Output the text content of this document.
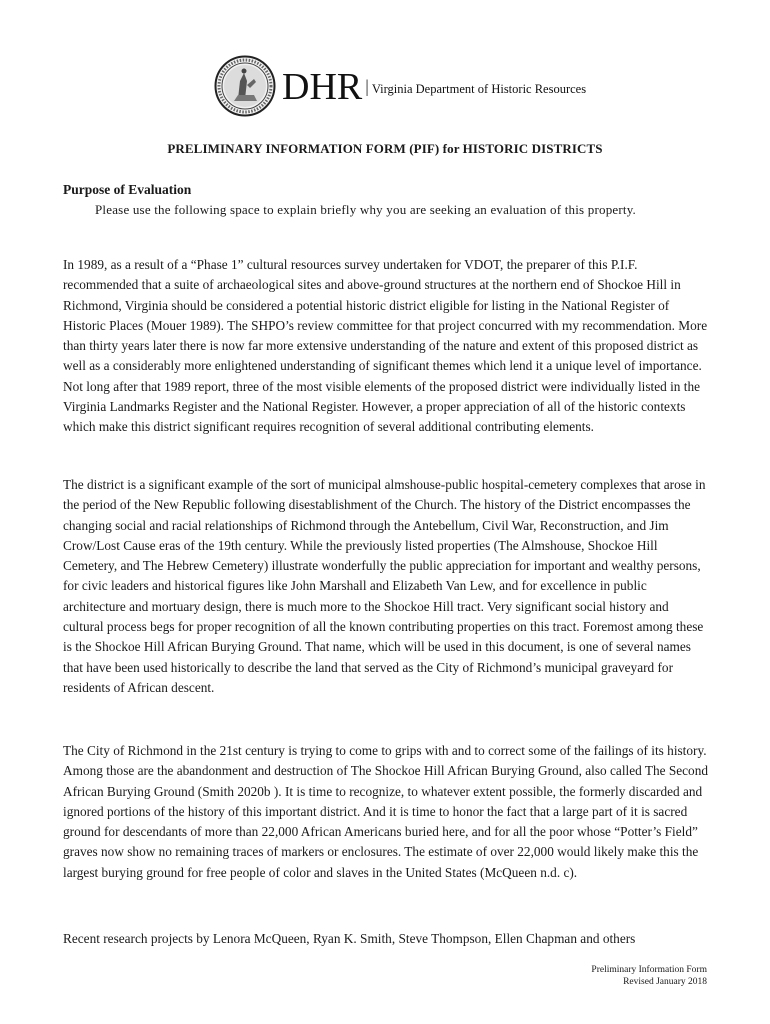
DHR | Virginia Department of Historic Resources
PRELIMINARY INFORMATION FORM (PIF) for HISTORIC DISTRICTS
Purpose of Evaluation
Please use the following space to explain briefly why you are seeking an evaluation of this property.

In 1989, as a result of a “Phase 1” cultural resources survey undertaken for VDOT, the preparer of this P.I.F. recommended that a suite of archaeological sites and above-ground structures at the northern end of Shockoe Hill in Richmond, Virginia should be considered a potential historic district eligible for listing in the National Register of Historic Places (Mouer 1989). The SHPO’s review committee for that project concurred with my recommendation. More than thirty years later there is now far more extensive understanding of the nature and extent of this proposed district as well as a considerably more enlightened understanding of significant themes which lend it a unique level of importance. Not long after that 1989 report, three of the most visible elements of the proposed district were individually listed in the Virginia Landmarks Register and the National Register. However, a proper appreciation of all of the historic contexts which make this district significant requires recognition of several additional contributing elements.

The district is a significant example of the sort of municipal almshouse-public hospital-cemetery complexes that arose in the period of the New Republic following disestablishment of the Church. The history of the District encompasses the changing social and racial relationships of Richmond through the Antebellum, Civil War, Reconstruction, and Jim Crow/Lost Cause eras of the 19th century. While the previously listed properties (The Almshouse, Shockoe Hill Cemetery, and The Hebrew Cemetery) illustrate wonderfully the public appreciation for important and wealthy persons, for civic leaders and historical figures like John Marshall and Elizabeth Van Lew, and for excellence in public architecture and mortuary design, there is much more to the Shockoe Hill tract. Very significant social history and cultural process begs for proper recognition of all the known contributing properties on this tract. Foremost among these is the Shockoe Hill African Burying Ground. That name, which will be used in this document, is one of several names that have been used historically to describe the land that served as the City of Richmond’s municipal graveyard for residents of African descent.

The City of Richmond in the 21st century is trying to come to grips with and to correct some of the failings of its history. Among those are the abandonment and destruction of The Shockoe Hill African Burying Ground, also called The Second African Burying Ground (Smith 2020b ). It is time to recognize, to whatever extent possible, the formerly discarded and ignored portions of the history of this important district. And it is time to honor the fact that a large part of it is sacred ground for descendants of more than 22,000 African Americans buried here, and for all the poor whose “Potter’s Field” graves now show no remaining traces of markers or enclosures. The estimate of over 22,000 would likely make this the largest burying ground for free people of color and slaves in the United States (McQueen n.d. c).

Recent research projects by Lenora McQueen, Ryan K. Smith, Steve Thompson, Ellen Chapman and others

Preliminary Information Form
Revised January 2018
